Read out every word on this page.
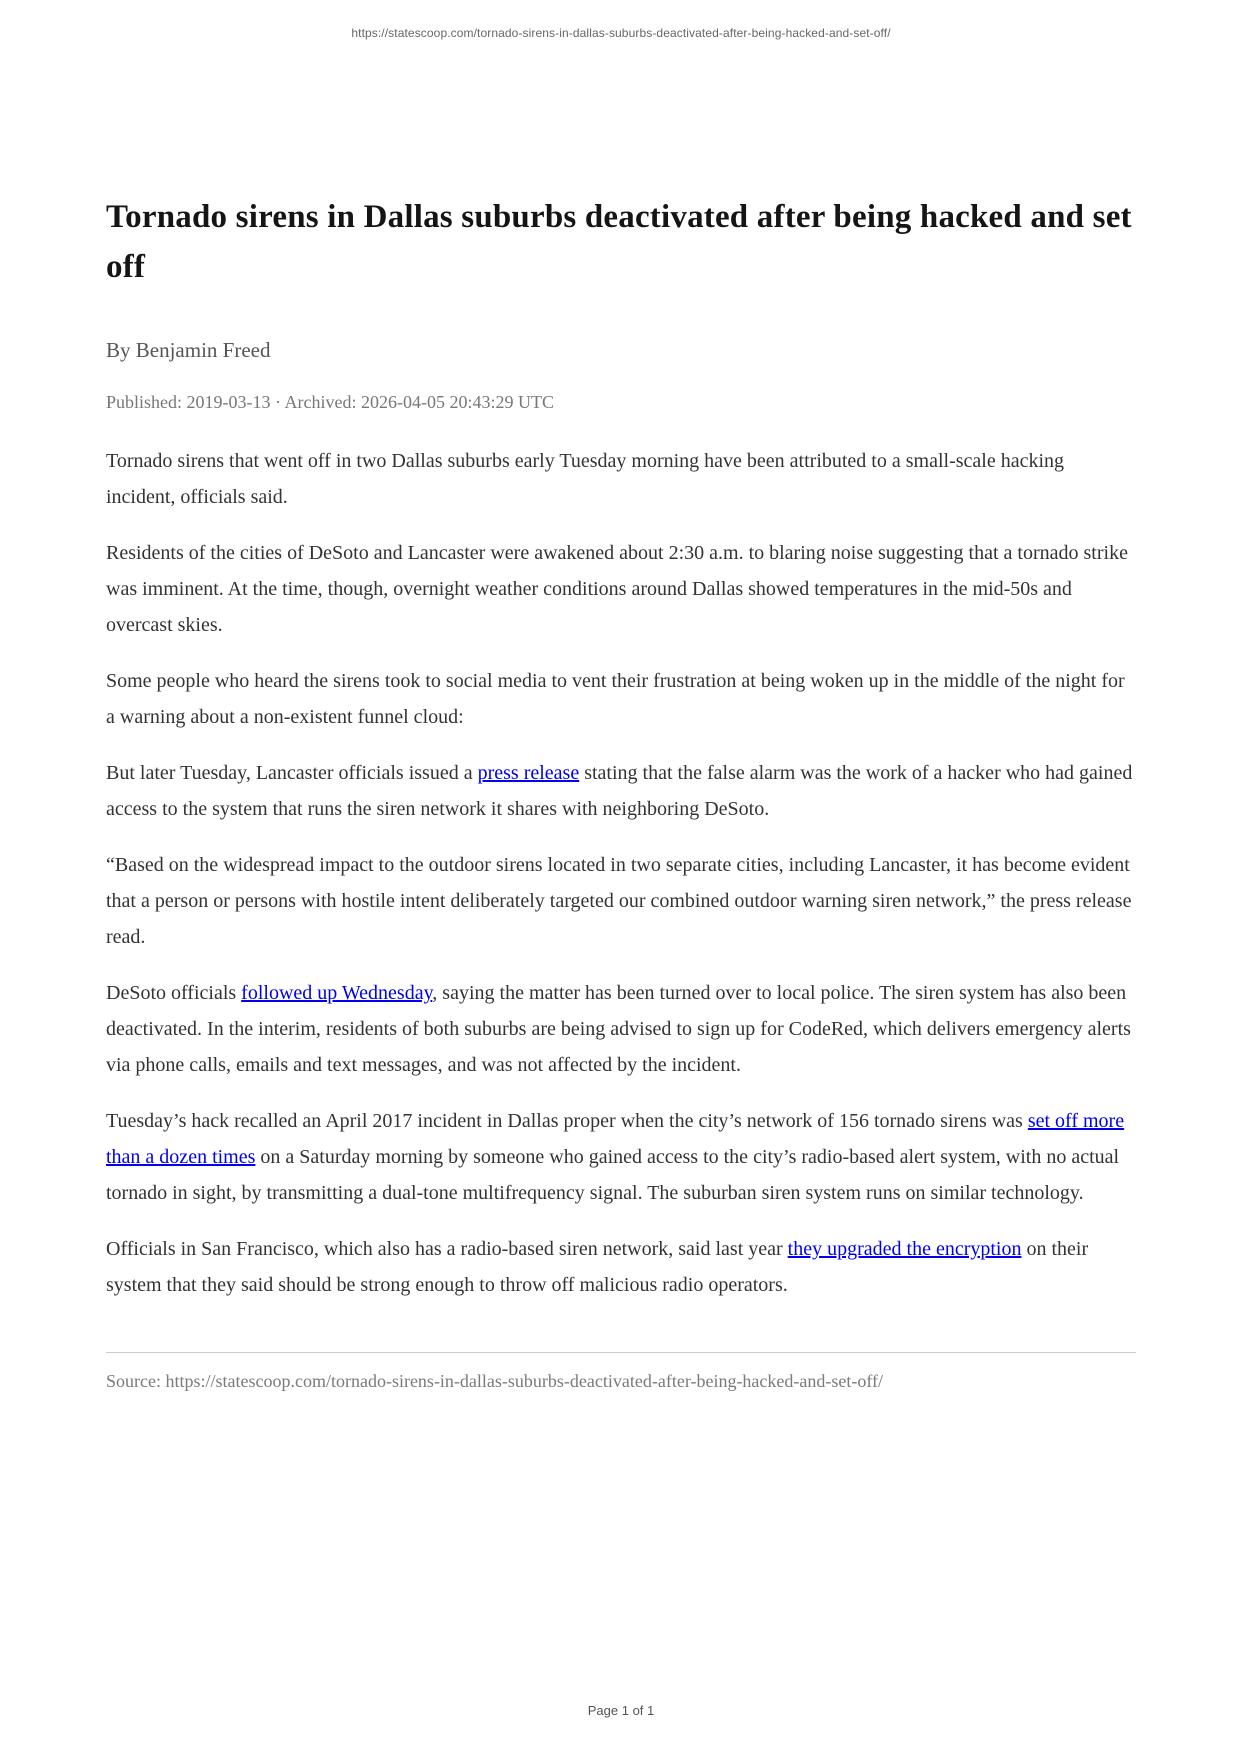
https://statescoop.com/tornado-sirens-in-dallas-suburbs-deactivated-after-being-hacked-and-set-off/
Tornado sirens in Dallas suburbs deactivated after being hacked and set off

By Benjamin Freed

Published: 2019-03-13 · Archived: 2026-04-05 20:43:29 UTC

Tornado sirens that went off in two Dallas suburbs early Tuesday morning have been attributed to a small-scale hacking incident, officials said.

Residents of the cities of DeSoto and Lancaster were awakened about 2:30 a.m. to blaring noise suggesting that a tornado strike was imminent. At the time, though, overnight weather conditions around Dallas showed temperatures in the mid-50s and overcast skies.

Some people who heard the sirens took to social media to vent their frustration at being woken up in the middle of the night for a warning about a non-existent funnel cloud:

But later Tuesday, Lancaster officials issued a press release stating that the false alarm was the work of a hacker who had gained access to the system that runs the siren network it shares with neighboring DeSoto.

“Based on the widespread impact to the outdoor sirens located in two separate cities, including Lancaster, it has become evident that a person or persons with hostile intent deliberately targeted our combined outdoor warning siren network,” the press release read.

DeSoto officials followed up Wednesday, saying the matter has been turned over to local police. The siren system has also been deactivated. In the interim, residents of both suburbs are being advised to sign up for CodeRed, which delivers emergency alerts via phone calls, emails and text messages, and was not affected by the incident.

Tuesday’s hack recalled an April 2017 incident in Dallas proper when the city’s network of 156 tornado sirens was set off more than a dozen times on a Saturday morning by someone who gained access to the city’s radio-based alert system, with no actual tornado in sight, by transmitting a dual-tone multifrequency signal. The suburban siren system runs on similar technology.

Officials in San Francisco, which also has a radio-based siren network, said last year they upgraded the encryption on their system that they said should be strong enough to throw off malicious radio operators.

Source: https://statescoop.com/tornado-sirens-in-dallas-suburbs-deactivated-after-being-hacked-and-set-off/

Page 1 of 1
